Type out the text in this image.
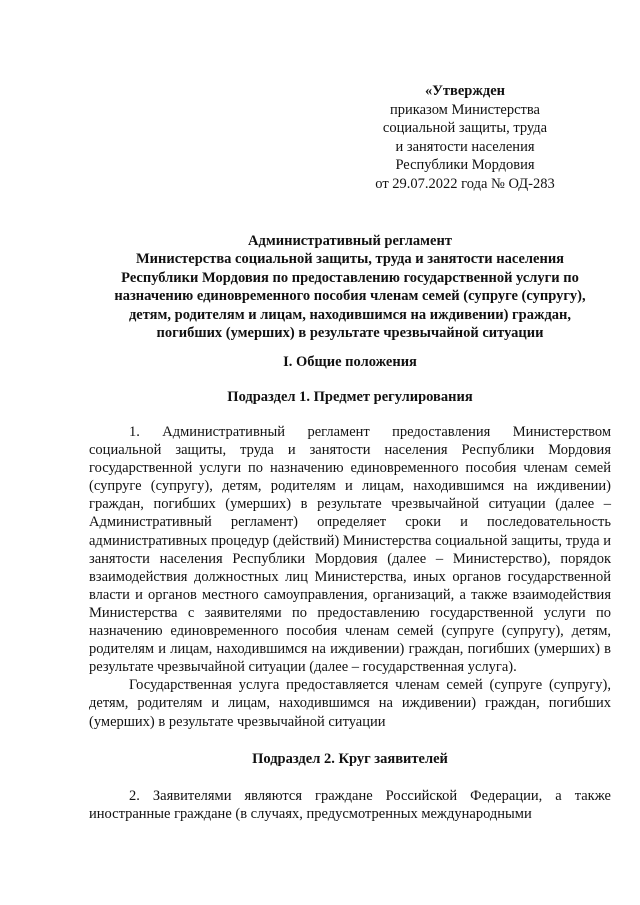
«Утвержден
приказом Министерства
социальной защиты, труда
и занятости населения
Республики Мордовия
от 29.07.2022 года № ОД-283
Административный регламент
Министерства социальной защиты, труда и занятости населения
Республики Мордовия по предоставлению государственной услуги по
назначению единовременного пособия членам семей (супруге (супругу),
детям, родителям и лицам, находившимся на иждивении) граждан,
погибших (умерших) в результате чрезвычайной ситуации
I. Общие положения
Подраздел 1. Предмет регулирования

1. Административный регламент предоставления Министерством социальной защиты, труда и занятости населения Республики Мордовия государственной услуги по назначению единовременного пособия членам семей (супруге (супругу), детям, родителям и лицам, находившимся на иждивении) граждан, погибших (умерших) в результате чрезвычайной ситуации (далее – Административный регламент) определяет сроки и последовательность административных процедур (действий) Министерства социальной защиты, труда и занятости населения Республики Мордовия (далее – Министерство), порядок взаимодействия должностных лиц Министерства, иных органов государственной власти и органов местного самоуправления, организаций, а также взаимодействия Министерства с заявителями по предоставлению государственной услуги по назначению единовременного пособия членам семей (супруге (супругу), детям, родителям и лицам, находившимся на иждивении) граждан, погибших (умерших) в результате чрезвычайной ситуации (далее – государственная услуга).

Государственная услуга предоставляется членам семей (супруге (супругу), детям, родителям и лицам, находившимся на иждивении) граждан, погибших (умерших) в результате чрезвычайной ситуации

Подраздел 2. Круг заявителей

2. Заявителями являются граждане Российской Федерации, а также иностранные граждане (в случаях, предусмотренных международными
